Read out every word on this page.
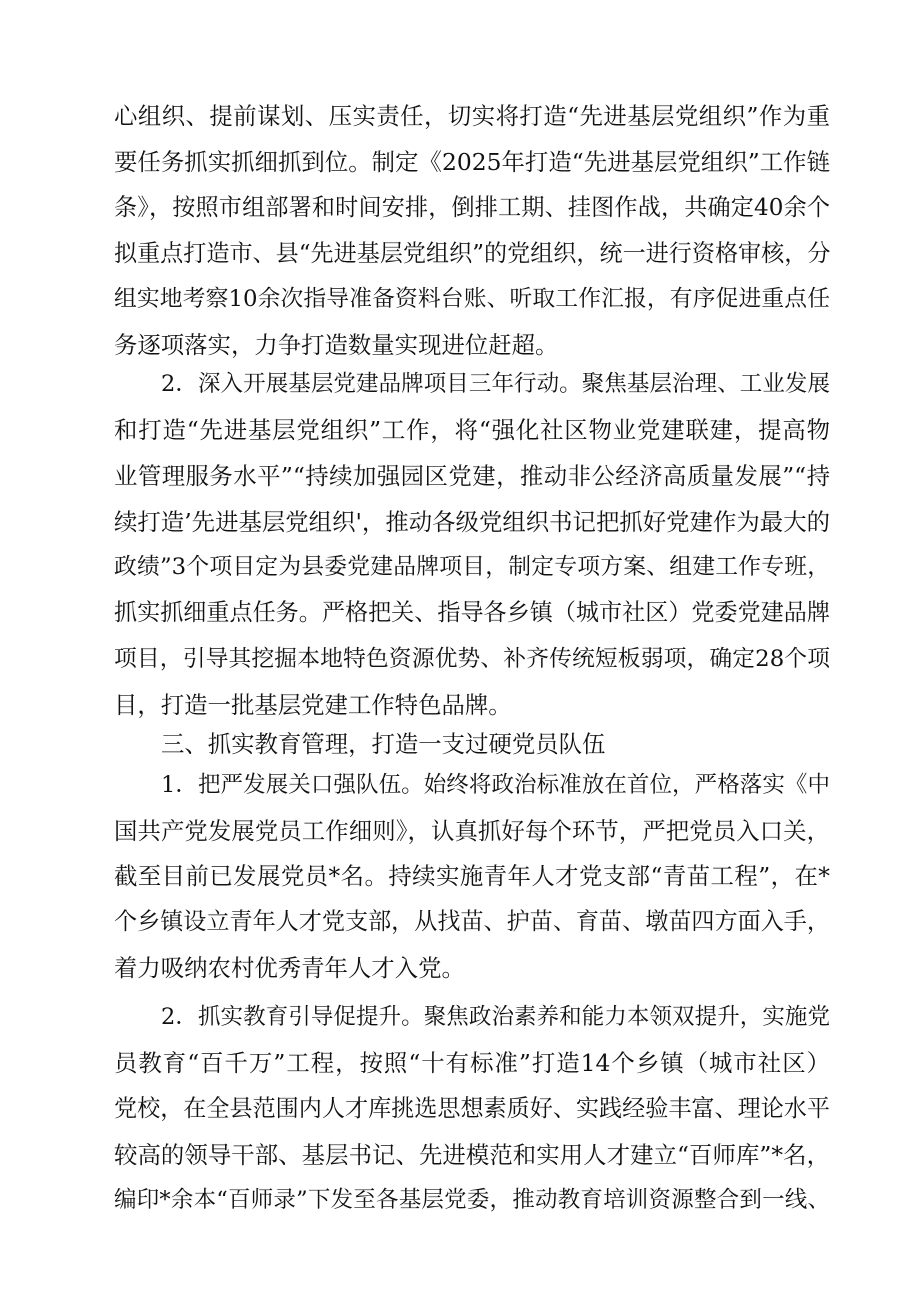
心组织、提前谋划、压实责任，切实将打造“先进基层党组织”作为重
要任务抓实抓细抓到位。制定《2025年打造“先进基层党组织”工作链
条》，按照市组部署和时间安排，倒排工期、挂图作战，共确定40余个
拟重点打造市、县“先进基层党组织”的党组织，统一进行资格审核，分
组实地考察10余次指导准备资料台账、听取工作汇报，有序促进重点任
务逐项落实，力争打造数量实现进位赶超。
2．深入开展基层党建品牌项目三年行动。聚焦基层治理、工业发展
和打造“先进基层党组织”工作，将“强化社区物业党建联建，提高物
业管理服务水平”“持续加强园区党建，推动非公经济高质量发展”“持
续打造’先进基层党组织'，推动各级党组织书记把抓好党建作为最大的
政绩”3个项目定为县委党建品牌项目，制定专项方案、组建工作专班，
抓实抓细重点任务。严格把关、指导各乡镇（城市社区）党委党建品牌
项目，引导其挖掘本地特色资源优势、补齐传统短板弱项，确定28个项
目，打造一批基层党建工作特色品牌。
三、抓实教育管理，打造一支过硬党员队伍
1．把严发展关口强队伍。始终将政治标准放在首位，严格落实《中
国共产党发展党员工作细则》，认真抓好每个环节，严把党员入口关，
截至目前已发展党员*名。持续实施青年人才党支部“青苗工程”，在*
个乡镇设立青年人才党支部，从找苗、护苗、育苗、墩苗四方面入手，
着力吸纳农村优秀青年人才入党。
2．抓实教育引导促提升。聚焦政治素养和能力本领双提升，实施党
员教育“百千万”工程，按照“十有标准”打造14个乡镇（城市社区）
党校，在全县范围内人才库挑选思想素质好、实践经验丰富、理论水平
较高的领导干部、基层书记、先进模范和实用人才建立“百师库”*名，
编印*余本“百师录”下发至各基层党委，推动教育培训资源整合到一线、
